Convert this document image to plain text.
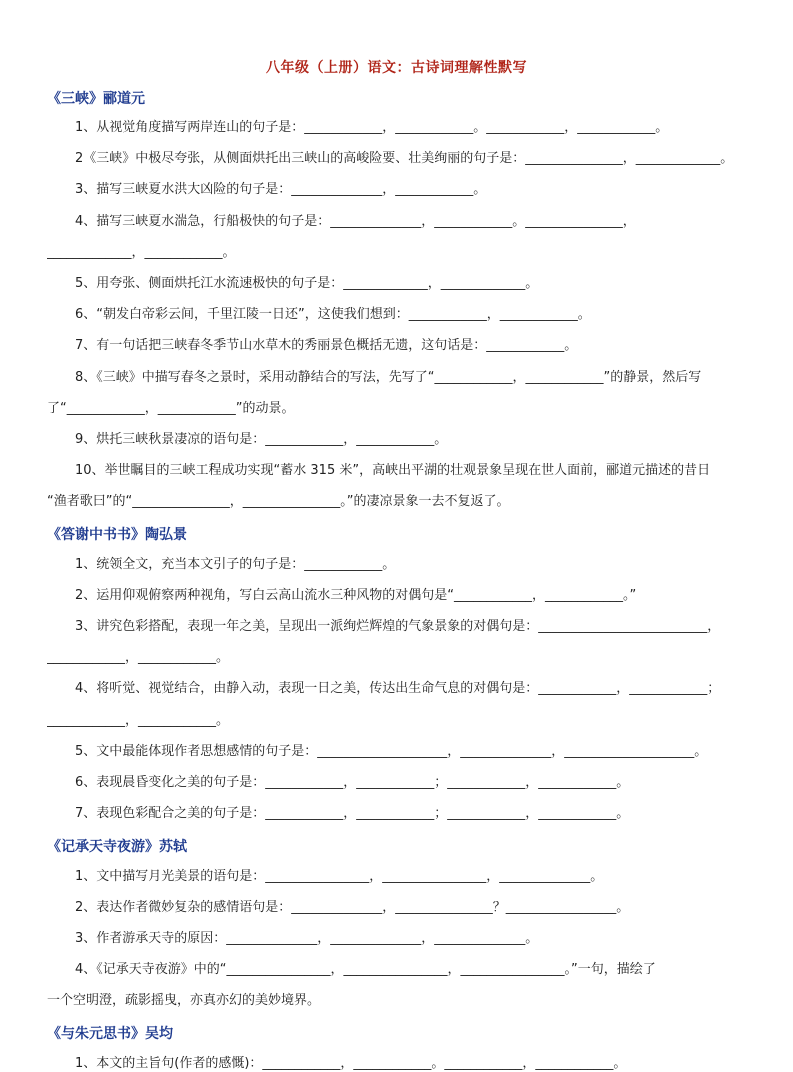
八年级（上册）语文：古诗词理解性默写
《三峡》郦道元
1、从视觉角度描写两岸连山的句子是：____________，____________。____________，____________。
2《三峡》中极尽夸张，从侧面烘托出三峡山的高峻险要、壮美绚丽的句子是：_______________，_____________。
3、描写三峡夏水洪大凶险的句子是：______________，____________。
4、描写三峡夏水湍急，行船极快的句子是：______________，____________。_______________，
_____________，____________。
5、用夸张、侧面烘托江水流速极快的句子是：_____________，_____________。
6、“朝发白帝彩云间，千里江陵一日还”，这使我们想到：____________，____________。
7、有一句话把三峡春冬季节山水草木的秀丽景色概括无遗，这句话是：____________。
8、《三峡》中描写春冬之景时，采用动静结合的写法，先写了“____________，____________”的静景，然后写
了“____________，____________”的动景。
9、烘托三峡秋景凄凉的语句是：____________，____________。
10、举世瞩目的三峡工程成功实现“蓄水 315 米”，高峡出平湖的壮观景象呈现在世人面前，郦道元描述的昔日
“渔者歌曰”的“_______________，_______________。”的凄凉景象一去不复返了。
《答谢中书书》陶弘景
1、统领全文，充当本文引子的句子是：____________。
2、运用仰观俯察两种视角，写白云高山流水三种风物的对偶句是“____________，____________。”
3、讲究色彩搭配，表现一年之美，呈现出一派绚烂辉煌的气象景象的对偶句是：__________________________，
____________，____________。
4、将听觉、视觉结合，由静入动，表现一日之美，传达出生命气息的对偶句是：____________，____________；
____________，____________。
5、文中最能体现作者思想感情的句子是：____________________，______________，____________________。
6、表现晨昏变化之美的句子是：____________，____________；____________，____________。
7、表现色彩配合之美的句子是：____________，____________；____________，____________。
《记承天寺夜游》苏轼
1、文中描写月光美景的语句是：________________，________________，______________。
2、表达作者微妙复杂的感情语句是：______________，_______________？_________________。
3、作者游承天寺的原因：______________，______________，______________。
4、《记承天寺夜游》中的“________________，________________，________________。”一句，描绘了
一个空明澄，疏影摇曳，亦真亦幻的美妙境界。
《与朱元思书》吴均
1、本文的主旨句(作者的感慨)：____________，____________。____________，____________。
